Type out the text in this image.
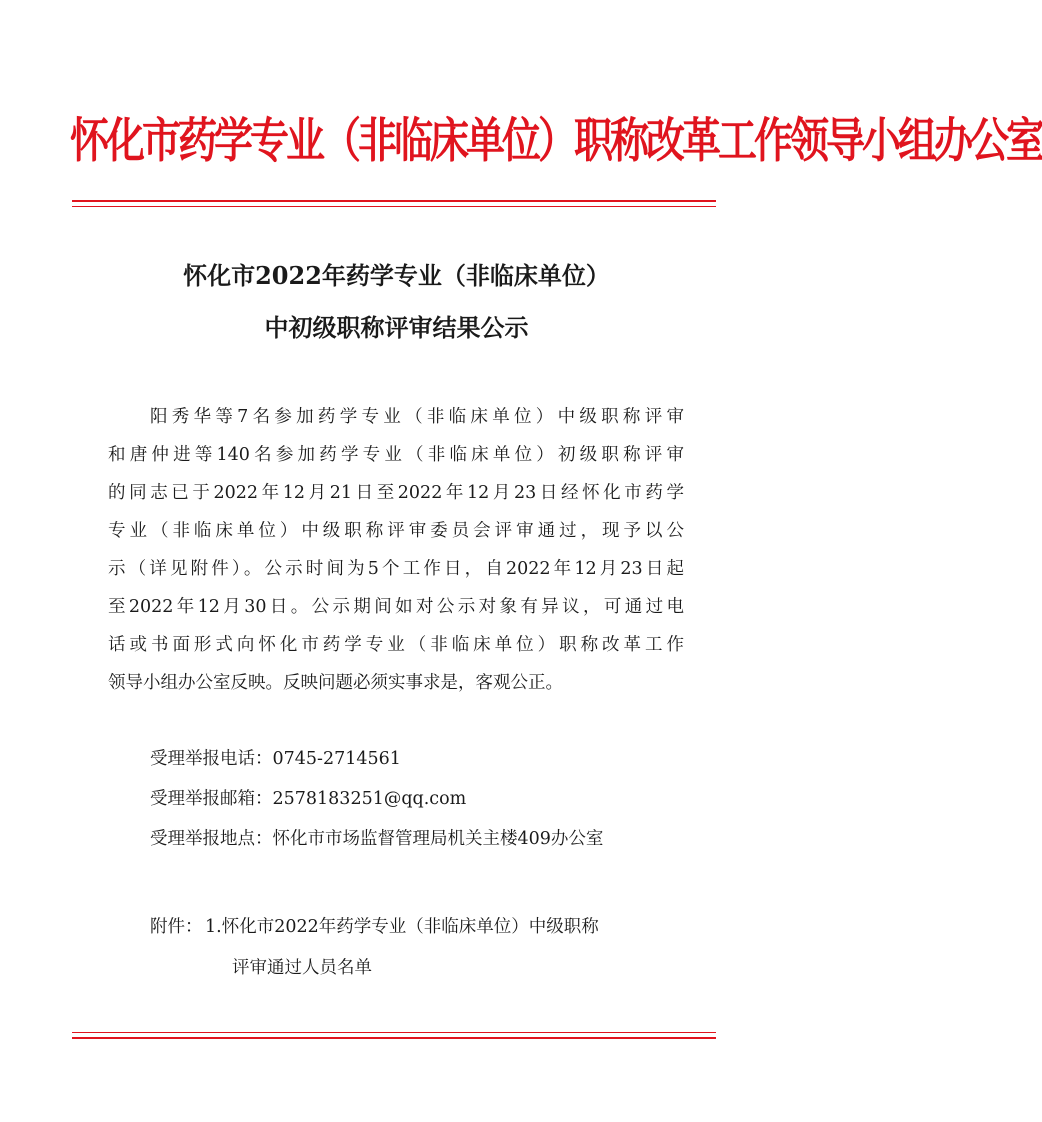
怀化市药学专业（非临床单位）职称改革工作领导小组办公室
怀化市2022年药学专业（非临床单位）
中初级职称评审结果公示
阳秀华等7名参加药学专业（非临床单位）中级职称评审
和唐仲进等140名参加药学专业（非临床单位）初级职称评审
的同志已于2022年12月21日至2022年12月23日经怀化市药学
专业（非临床单位）中级职称评审委员会评审通过，现予以公
示（详见附件）。公示时间为5个工作日，自2022年12月23日起
至2022年12月30日。公示期间如对公示对象有异议，可通过电
话或书面形式向怀化市药学专业（非临床单位）职称改革工作
领导小组办公室反映。反映问题必须实事求是，客观公正。
受理举报电话：0745-2714561
受理举报邮箱：2578183251@qq.com
受理举报地点：怀化市市场监督管理局机关主楼409办公室
附件： 1.怀化市2022年药学专业（非临床单位）中级职称
评审通过人员名单
